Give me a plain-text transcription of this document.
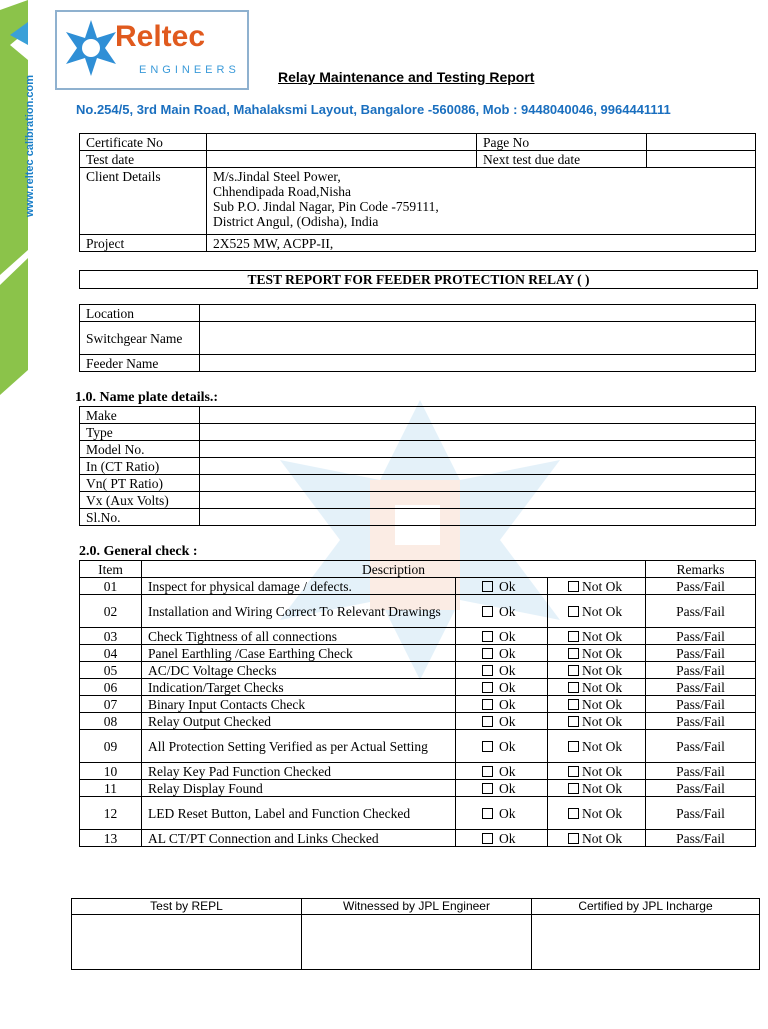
www.reltec calibration.com
Reltec
ENGINEERS	Relay Maintenance and Testing Report
No.254/5, 3rd Main Road, Mahalaksmi Layout, Bangalore -560086, Mob : 9448040046, 9964441111
Certificate No		Page No	
Test date		Next test due date	
Client Details	M/s.Jindal Steel Power,
Chhendipada Road,Nisha
Sub P.O. Jindal Nagar, Pin Code -759111,
District Angul, (Odisha), India		

Project	2X525 MW, ACPP-II,		
TEST REPORT FOR FEEDER PROTECTION RELAY ( )
Location	
Switchgear Name	
Feeder Name	
1.0. Name plate details.:
Make	
Type	
Model No.	
In (CT Ratio)	
Vn( PT Ratio)	
Vx (Aux Volts)	
Sl.No.	
2.0. General check :
Item	Description			Remarks
01	Inspect for physical damage / defects.	Ok	Not Ok	Pass/Fail
02	Installation and Wiring Correct To Relevant Drawings	Ok	Not Ok	Pass/Fail
03	Check Tightness of all connections	Ok	Not Ok	Pass/Fail
04	Panel Earthling /Case Earthing Check	Ok	Not Ok	Pass/Fail
05	AC/DC Voltage Checks	Ok	Not Ok	Pass/Fail
06	Indication/Target Checks	Ok	Not Ok	Pass/Fail
07	Binary Input Contacts Check	Ok	Not Ok	Pass/Fail
08	Relay Output Checked	Ok	Not Ok	Pass/Fail
09	All Protection Setting Verified as per Actual Setting	Ok	Not Ok	Pass/Fail
10	Relay Key Pad Function Checked	Ok	Not Ok	Pass/Fail
11	Relay Display Found	Ok	Not Ok	Pass/Fail
12	LED Reset Button, Label and Function Checked	Ok	Not Ok	Pass/Fail
13	AL CT/PT Connection and Links Checked	Ok	Not Ok	Pass/Fail
Test by REPL	Witnessed by JPL Engineer	Certified by JPL Incharge
